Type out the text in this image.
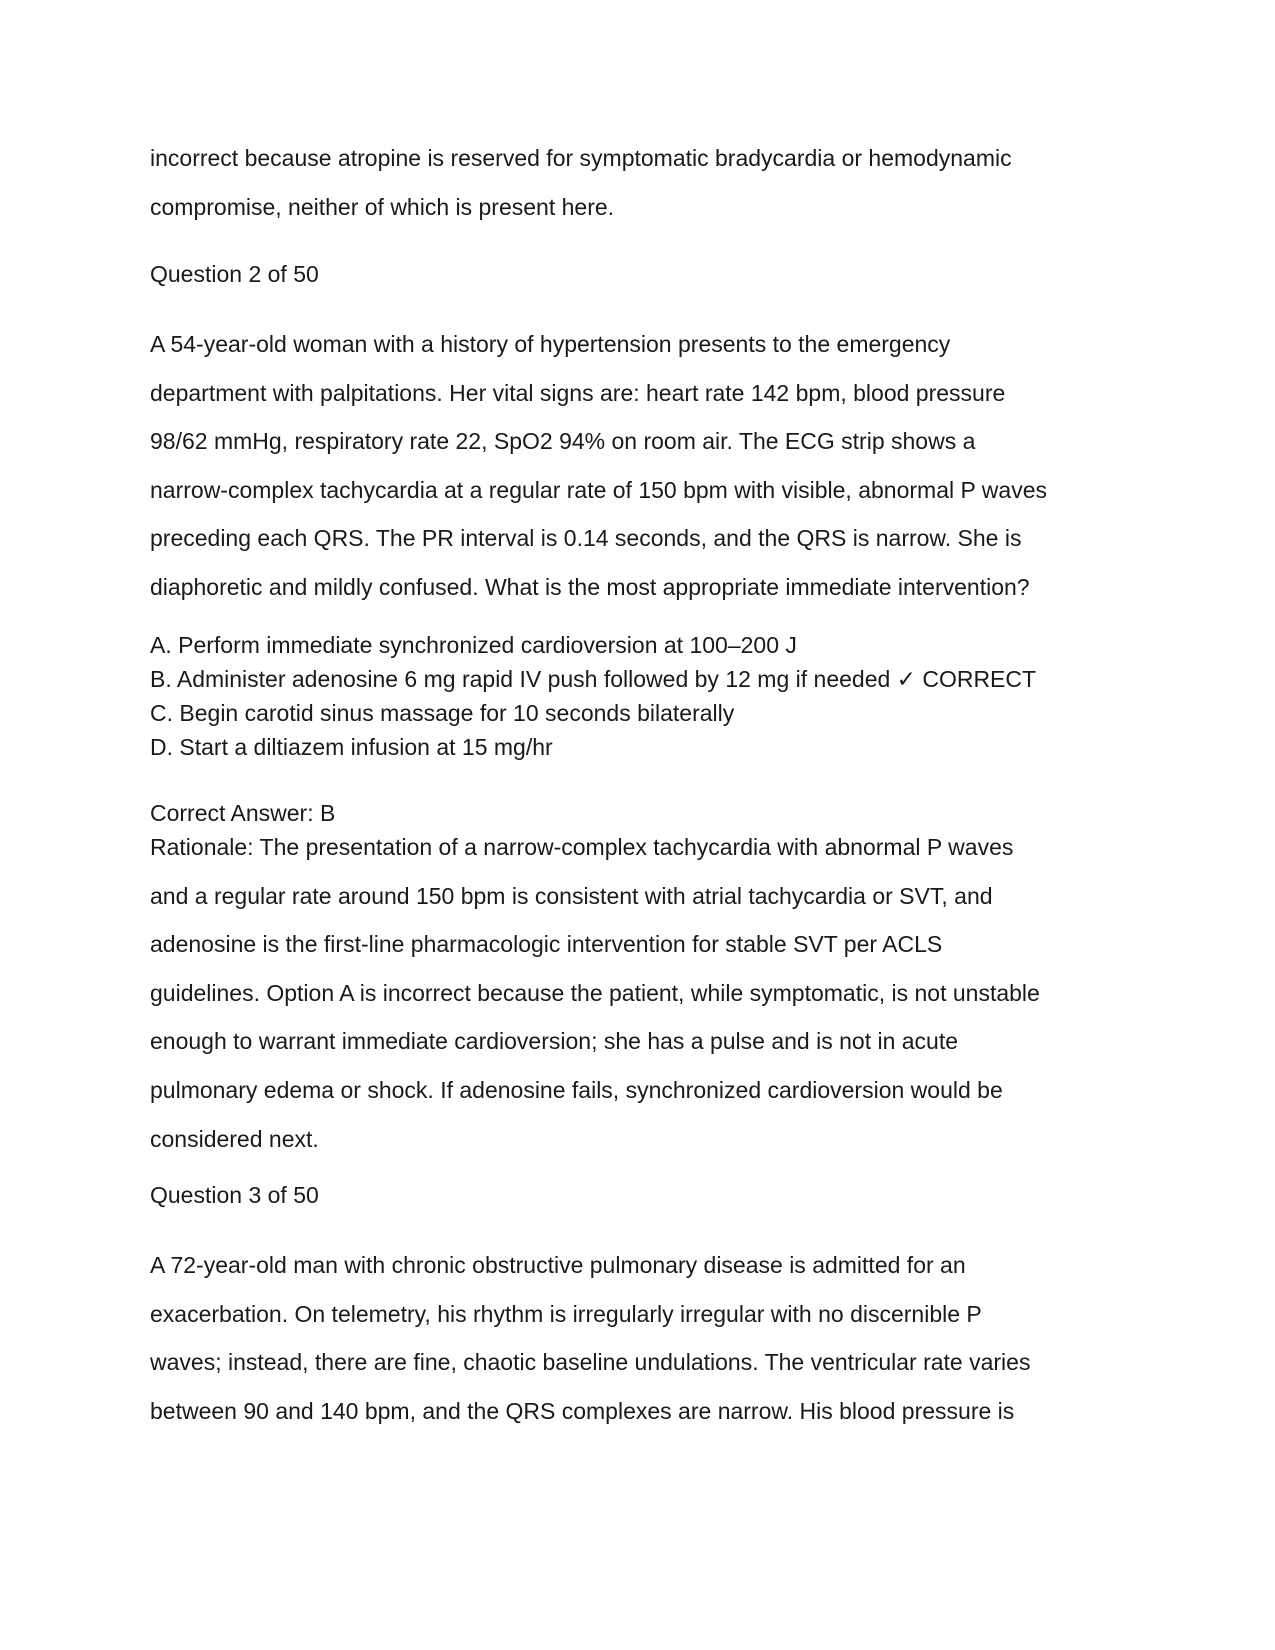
incorrect because atropine is reserved for symptomatic bradycardia or hemodynamic
compromise, neither of which is present here.
Question 2 of 50
A 54-year-old woman with a history of hypertension presents to the emergency
department with palpitations. Her vital signs are: heart rate 142 bpm, blood pressure
98/62 mmHg, respiratory rate 22, SpO2 94% on room air. The ECG strip shows a
narrow-complex tachycardia at a regular rate of 150 bpm with visible, abnormal P waves
preceding each QRS. The PR interval is 0.14 seconds, and the QRS is narrow. She is
diaphoretic and mildly confused. What is the most appropriate immediate intervention?
A. Perform immediate synchronized cardioversion at 100–200 J
B. Administer adenosine 6 mg rapid IV push followed by 12 mg if needed ✓ CORRECT
C. Begin carotid sinus massage for 10 seconds bilaterally
D. Start a diltiazem infusion at 15 mg/hr
Correct Answer: B
Rationale: The presentation of a narrow-complex tachycardia with abnormal P waves
and a regular rate around 150 bpm is consistent with atrial tachycardia or SVT, and
adenosine is the first-line pharmacologic intervention for stable SVT per ACLS
guidelines. Option A is incorrect because the patient, while symptomatic, is not unstable
enough to warrant immediate cardioversion; she has a pulse and is not in acute
pulmonary edema or shock. If adenosine fails, synchronized cardioversion would be
considered next.
Question 3 of 50
A 72-year-old man with chronic obstructive pulmonary disease is admitted for an
exacerbation. On telemetry, his rhythm is irregularly irregular with no discernible P
waves; instead, there are fine, chaotic baseline undulations. The ventricular rate varies
between 90 and 140 bpm, and the QRS complexes are narrow. His blood pressure is
